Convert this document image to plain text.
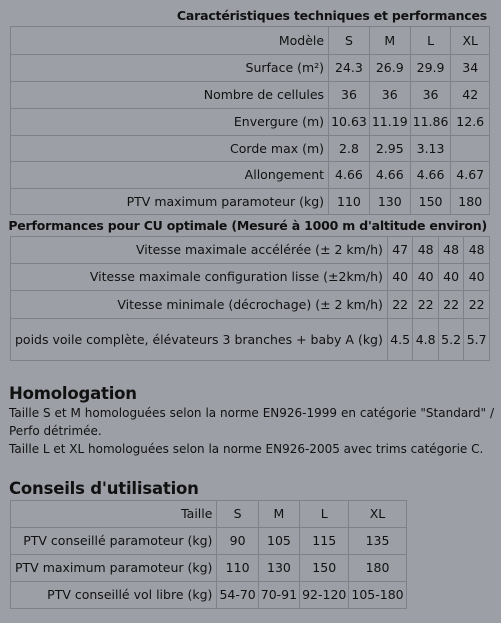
Caractéristiques techniques et performances
Modèle	S	M	L	XL
Surface (m²)	24.3	26.9	29.9	34
Nombre de cellules	36	36	36	42
Envergure (m)	10.63	11.19	11.86	12.6
Corde max (m)	2.8	2.95	3.13	
Allongement	4.66	4.66	4.66	4.67
PTV maximum paramoteur (kg)	110	130	150	180
Performances pour CU optimale (Mesuré à 1000 m d'altitude environ)
Vitesse maximale accélérée (± 2 km/h)	47	48	48	48
Vitesse maximale configuration lisse (±2km/h)	40	40	40	40
Vitesse minimale (décrochage) (± 2 km/h)	22	22	22	22
poids voile complète, élévateurs 3 branches + baby A (kg)	4.5	4.8	5.2	5.7
Homologation

Taille S et M homologuées selon la norme EN926-1999 en catégorie "Standard" / Perfo détrimée.

Taille L et XL homologuées selon la norme EN926-2005 avec trims catégorie C.

Conseils d'utilisation
Taille	S	M	L	XL
PTV conseillé paramoteur (kg)	90	105	115	135
PTV maximum paramoteur (kg)	110	130	150	180
PTV conseillé vol libre (kg)	54-70	70-91	92-120	105-180
